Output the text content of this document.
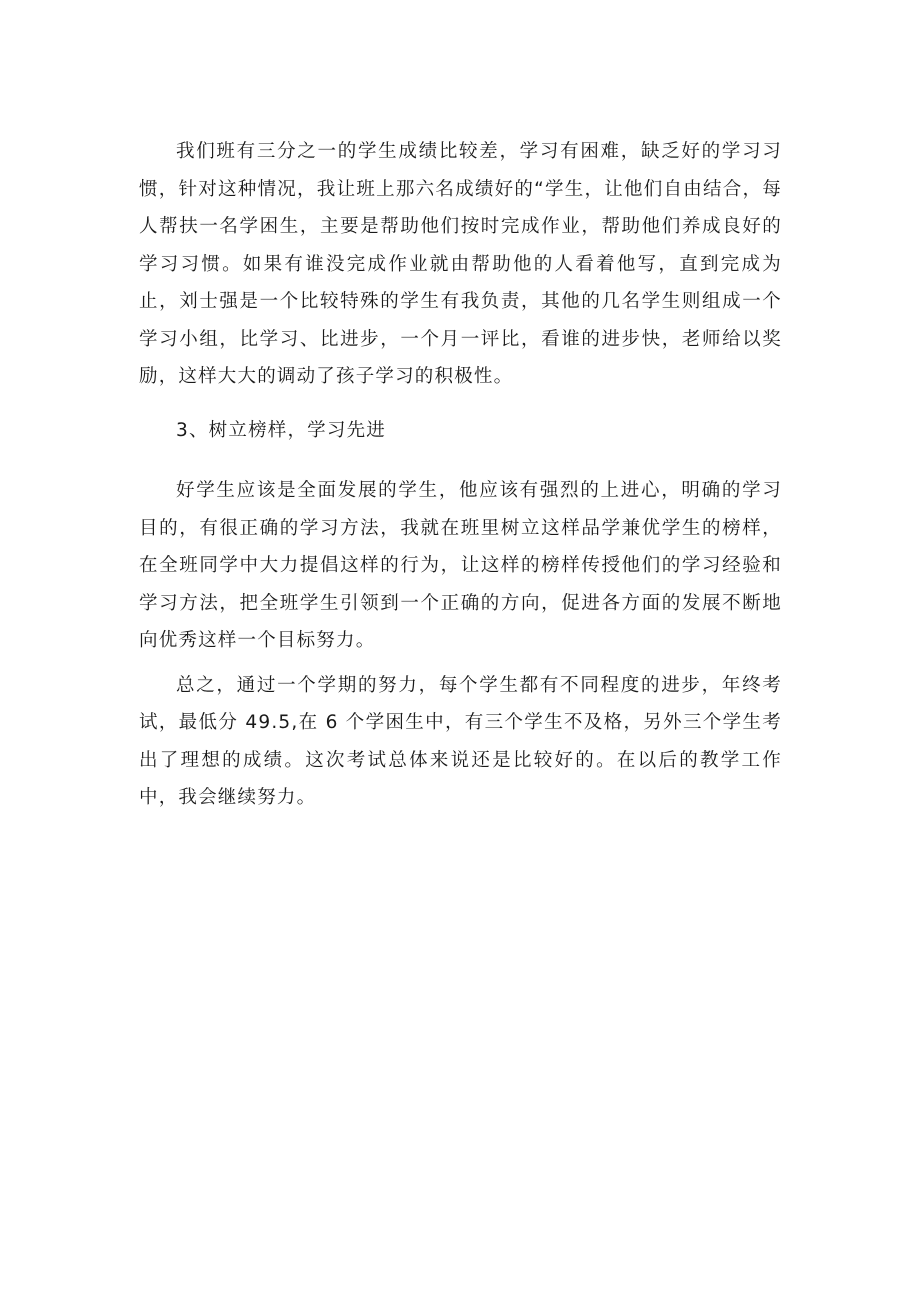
我们班有三分之一的学生成绩比较差，学习有困难，缺乏好的学习习惯，针对这种情况，我让班上那六名成绩好的“学生，让他们自由结合，每人帮扶一名学困生，主要是帮助他们按时完成作业，帮助他们养成良好的学习习惯。如果有谁没完成作业就由帮助他的人看着他写，直到完成为止，刘士强是一个比较特殊的学生有我负责，其他的几名学生则组成一个学习小组，比学习、比进步，一个月一评比，看谁的进步快，老师给以奖励，这样大大的调动了孩子学习的积极性。

3、树立榜样，学习先进

好学生应该是全面发展的学生，他应该有强烈的上进心，明确的学习目的，有很正确的学习方法，我就在班里树立这样品学兼优学生的榜样，在全班同学中大力提倡这样的行为，让这样的榜样传授他们的学习经验和学习方法，把全班学生引领到一个正确的方向，促进各方面的发展不断地向优秀这样一个目标努力。

总之，通过一个学期的努力，每个学生都有不同程度的进步，年终考试，最低分 49.5,在 6 个学困生中，有三个学生不及格，另外三个学生考出了理想的成绩。这次考试总体来说还是比较好的。在以后的教学工作中，我会继续努力。
